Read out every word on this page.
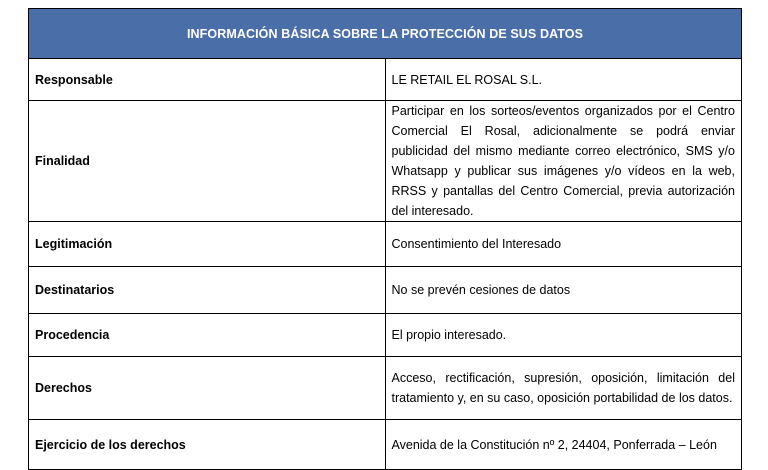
INFORMACIÓN BÁSICA SOBRE LA PROTECCIÓN DE SUS DATOS	
Responsable	LE RETAIL EL ROSAL S.L.
Finalidad	Participar en los sorteos/eventos organizados por el Centro Comercial El Rosal, adicionalmente se podrá enviar publicidad del mismo mediante correo electrónico, SMS y/o Whatsapp y publicar sus imágenes y/o vídeos en la web, RRSS y pantallas del Centro Comercial, previa autorización del interesado.
Legitimación	Consentimiento del Interesado
Destinatarios	No se prevén cesiones de datos
Procedencia	El propio interesado.
Derechos	Acceso, rectificación, supresión, oposición, limitación del tratamiento y, en su caso, oposición portabilidad de los datos.
Ejercicio de los derechos	Avenida de la Constitución nº 2, 24404, Ponferrada – León
